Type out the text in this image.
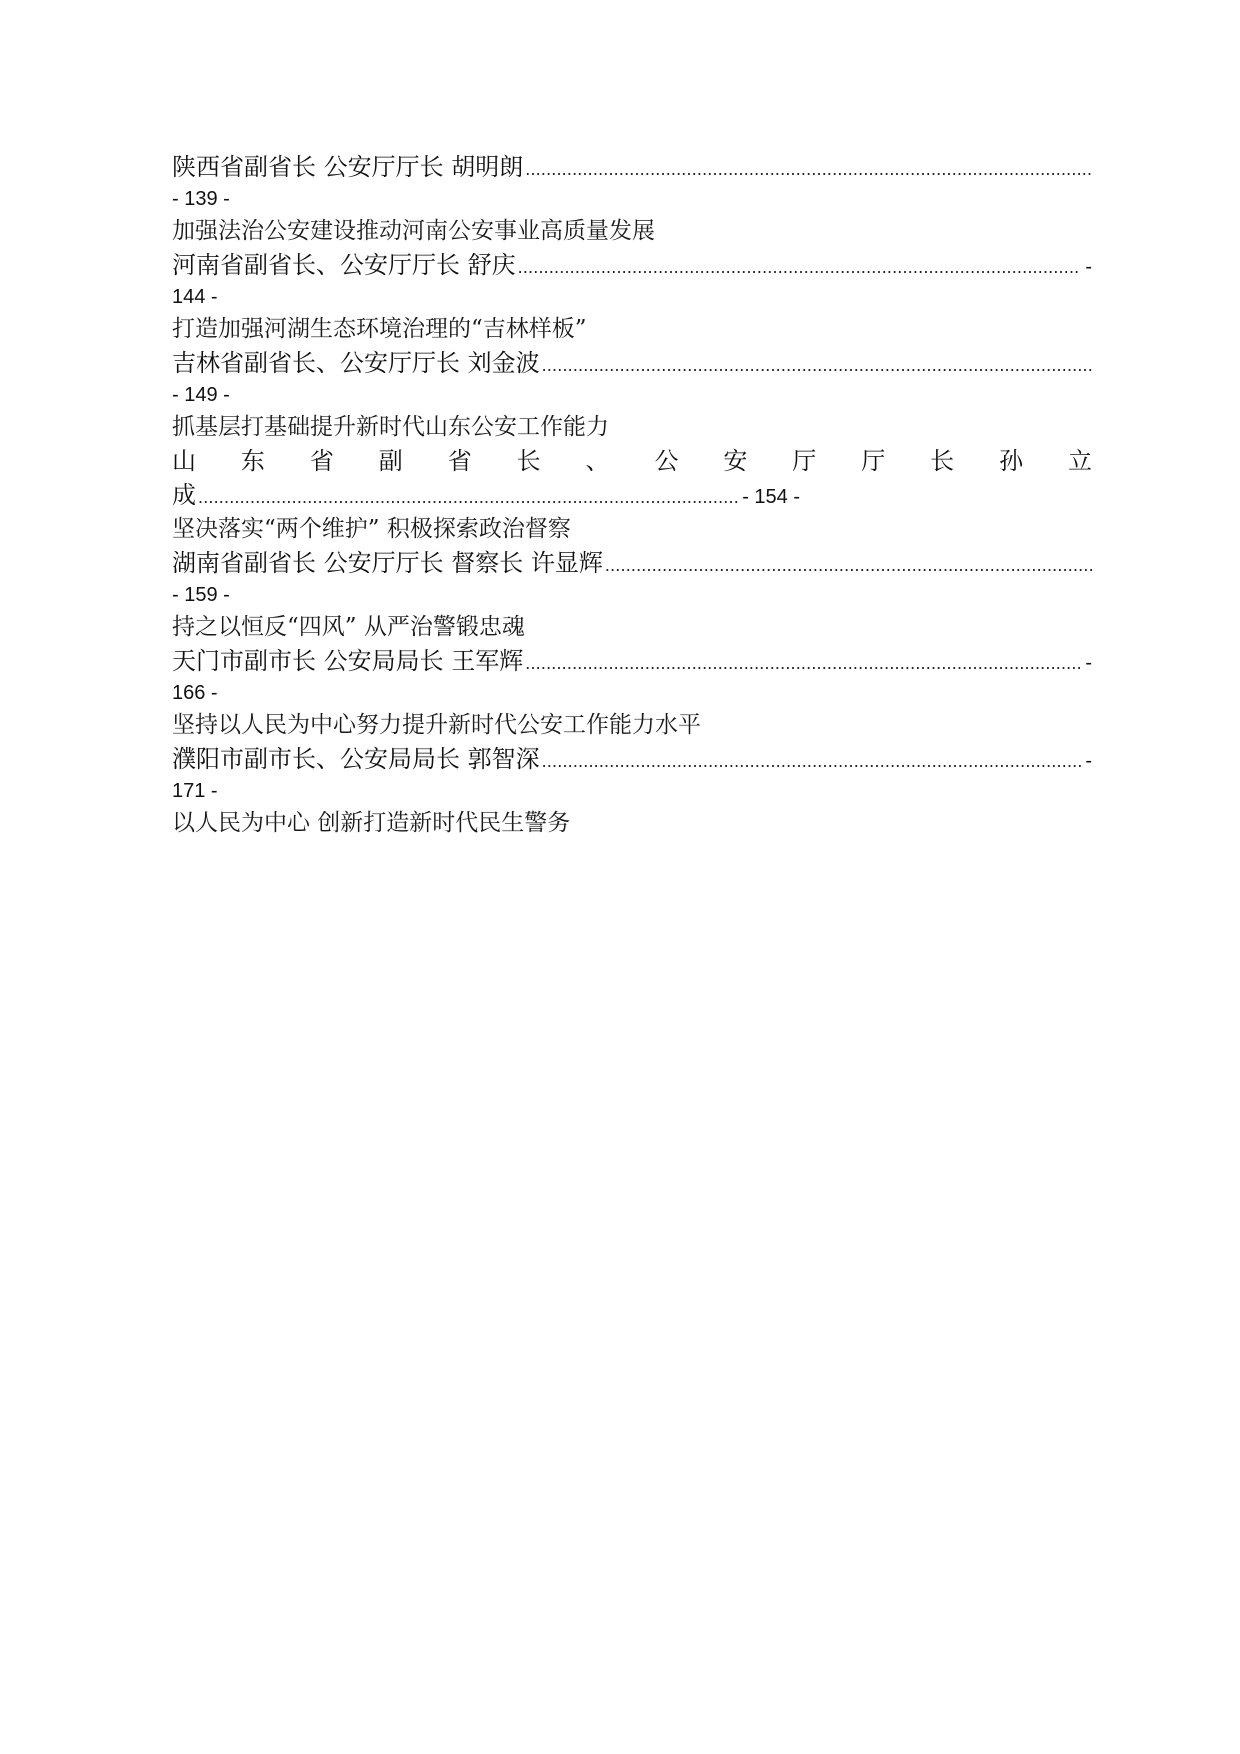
陕西省副省长 公安厅厅长 胡明朗
.....
- 139 -
加强法治公安建设推动河南公安事业高质量发展
河南省副省长、公安厅厅长 舒庆 .....	-
144 -
打造加强河湖生态环境治理的“吉林样板”
吉林省副省长、公安厅厅长 刘金波
.....
- 149 -
抓基层打基础提升新时代山东公安工作能力
山 东 省 副 省 长 、 公 安 厅 厅 长 孙 立
成 .....	- 154 -
坚决落实“两个维护” 积极探索政治督察
湖南省副省长 公安厅厅长 督察长 许显辉
.....
- 159 -
持之以恒反“四风” 从严治警锻忠魂
天门市副市长 公安局局长 王军辉 .....	-
166 -
坚持以人民为中心努力提升新时代公安工作能力水平
濮阳市副市长、公安局局长 郭智深 .....	-
171 -
以人民为中心 创新打造新时代民生警务
